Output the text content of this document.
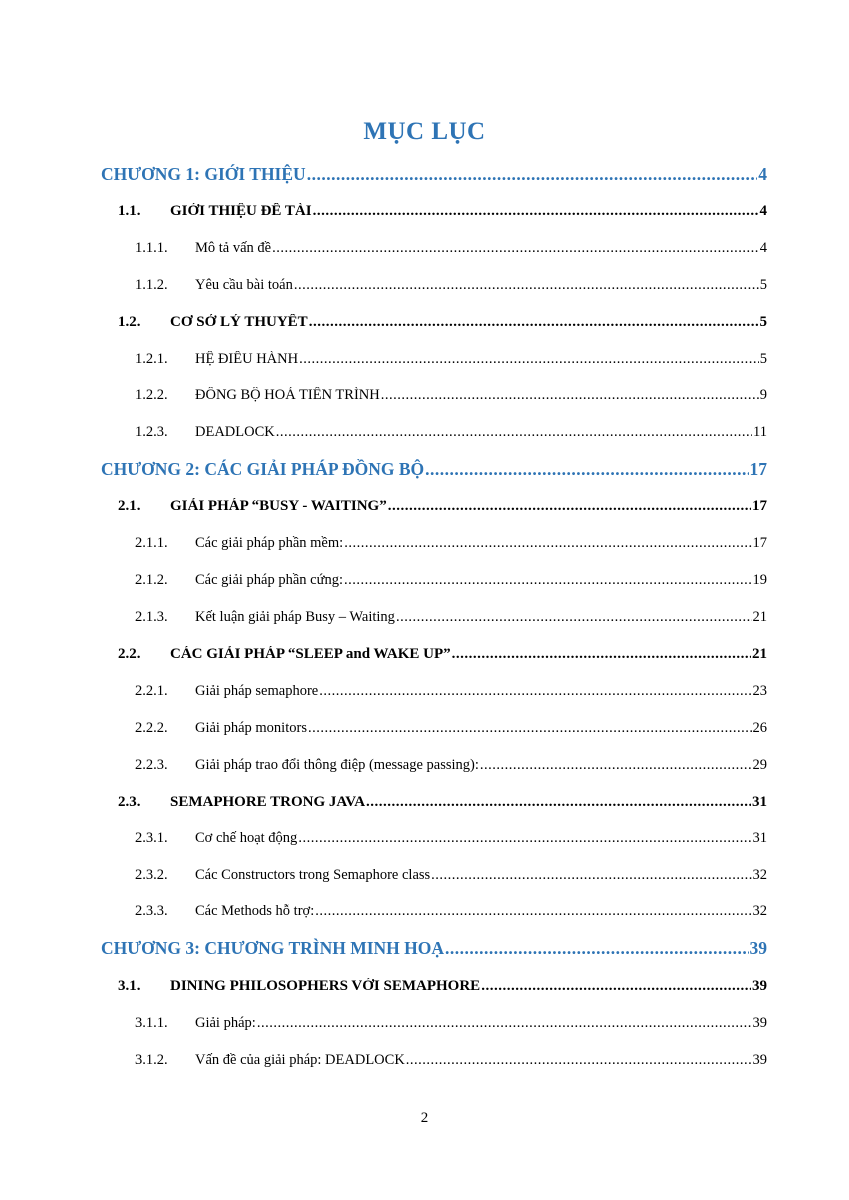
MỤC LỤC
CHƯƠNG 1: GIỚI THIỆU .....	4
1.1.	GIỚI THIỆU ĐỀ TÀI .....	4
1.1.1.	Mô tả vấn đề .....	4
1.1.2.	Yêu cầu bài toán .....	5
1.2.	CƠ SỞ LÝ THUYẾT .....	5
1.2.1.	HỆ ĐIỀU HÀNH .....	5
1.2.2.	ĐỒNG BỘ HOÁ TIẾN TRÌNH .....	9
1.2.3.	DEADLOCK .....	11
CHƯƠNG 2: CÁC GIẢI PHÁP ĐỒNG BỘ .....	17
2.1.	GIẢI PHÁP “BUSY - WAITING” .....	17
2.1.1.	Các giải pháp phần mềm: .....	17
2.1.2.	Các giải pháp phần cứng: .....	19
2.1.3.	Kết luận giải pháp Busy – Waiting .....	21
2.2.	CÁC GIẢI PHÁP “SLEEP and WAKE UP” .....	21
2.2.1.	Giải pháp semaphore .....	23
2.2.2.	Giải pháp monitors .....	26
2.2.3.	Giải pháp trao đổi thông điệp (message passing): .....	29
2.3.	SEMAPHORE TRONG JAVA .....	31
2.3.1.	Cơ chế hoạt động .....	31
2.3.2.	Các Constructors trong Semaphore class .....	32
2.3.3.	Các Methods hỗ trợ: .....	32
CHƯƠNG 3: CHƯƠNG TRÌNH MINH HOẠ .....	39
3.1.	DINING PHILOSOPHERS VỚI SEMAPHORE .....	39
3.1.1.	Giải pháp: .....	39
3.1.2.	Vấn đề của giải pháp: DEADLOCK .....	39
2
